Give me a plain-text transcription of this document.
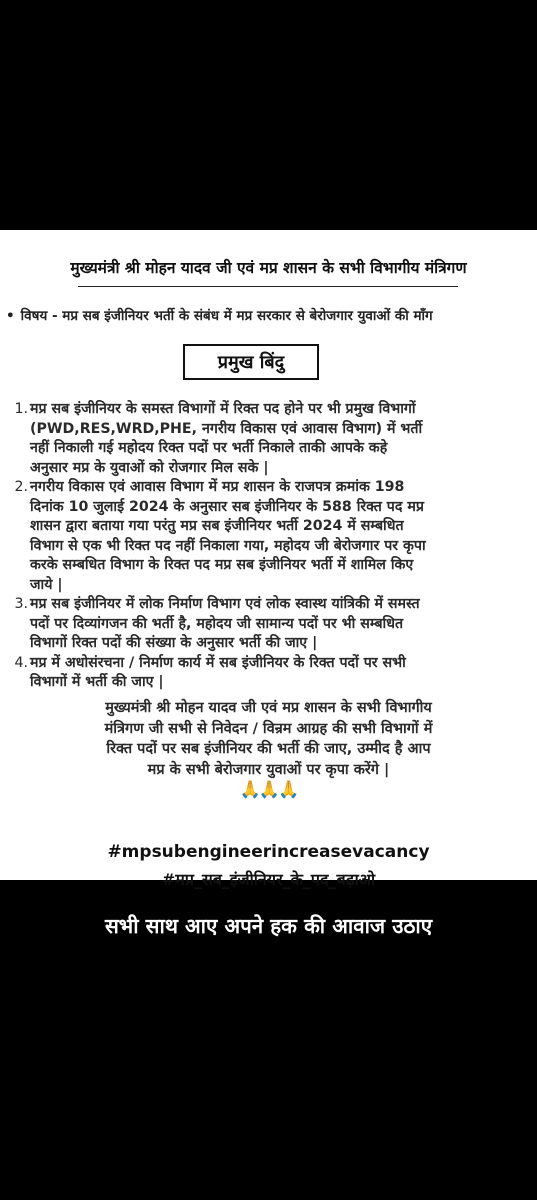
मुख्यमंत्री श्री मोहन यादव जी एवं मप्र शासन के सभी विभागीय मंत्रिगण
• विषय - मप्र सब इंजीनियर भर्ती के संबंध में मप्र सरकार से बेरोजगार युवाओं की माँग
प्रमुख बिंदु
1. मप्र सब इंजीनियर के समस्त विभागों में रिक्त पद होने पर भी प्रमुख विभागों
(PWD,RES,WRD,PHE, नगरीय विकास एवं आवास विभाग) में भर्ती
नहीं निकाली गई महोदय रिक्त पदों पर भर्ती निकाले ताकी आपके कहे
अनुसार मप्र के युवाओं को रोजगार मिल सके |
2. नगरीय विकास एवं आवास विभाग में मप्र शासन के राजपत्र क्रमांक 198
दिनांक 10 जुलाई 2024 के अनुसार सब इंजीनियर के 588 रिक्त पद मप्र
शासन द्वारा बताया गया परंतु मप्र सब इंजीनियर भर्ती 2024 में सम्बधित
विभाग से एक भी रिक्त पद नहीं निकाला गया, महोदय जी बेरोजगार पर कृपा
करके सम्बधित विभाग के रिक्त पद मप्र सब इंजीनियर भर्ती में शामिल किए
जाये |
3. मप्र सब इंजीनियर में लोक निर्माण विभाग एवं लोक स्वास्थ यांत्रिकी में समस्त
पदों पर दिव्यांगजन की भर्ती है, महोदय जी सामान्य पदों पर भी सम्बधित
विभागों रिक्त पदों की संख्या के अनुसार भर्ती की जाए |
4. मप्र में अधोसंरचना / निर्माण कार्य में सब इंजीनियर के रिक्त पदों पर सभी
विभागों में भर्ती की जाए |
मुख्यमंत्री श्री मोहन यादव जी एवं मप्र शासन के सभी विभागीय
मंत्रिगण जी सभी से निवेदन / विन्रम आग्रह की सभी विभागों में
रिक्त पदों पर सब इंजीनियर की भर्ती की जाए, उम्मीद है आप
मप्र के सभी बेरोजगार युवाओं पर कृपा करेंगे |
🙏🙏🙏
#mpsubengineerincreasevacancy
#मप्र_सब_इंजीनियर_के_पद_बढ़ाओ
सभी साथ आए अपने हक की आवाज उठाए
